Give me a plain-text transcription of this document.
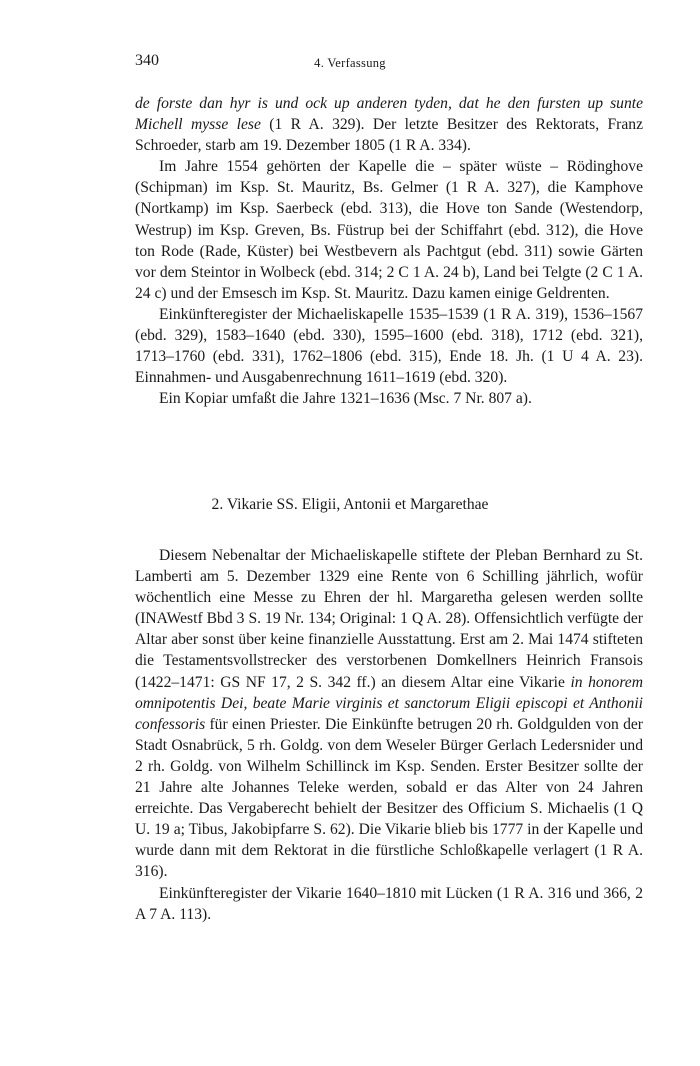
340	4. Verfassung

de forste dan hyr is und ock up anderen tyden, dat he den fursten up sunte Michell mysse lese (1 R A. 329). Der letzte Besitzer des Rektorats, Franz Schroeder, starb am 19. Dezember 1805 (1 R A. 334).

Im Jahre 1554 gehörten der Kapelle die – später wüste – Rödinghove (Schipman) im Ksp. St. Mauritz, Bs. Gelmer (1 R A. 327), die Kamphove (Nortkamp) im Ksp. Saerbeck (ebd. 313), die Hove ton Sande (Westendorp, Westrup) im Ksp. Greven, Bs. Füstrup bei der Schiffahrt (ebd. 312), die Hove ton Rode (Rade, Küster) bei Westbevern als Pachtgut (ebd. 311) sowie Gärten vor dem Steintor in Wolbeck (ebd. 314; 2 C 1 A. 24 b), Land bei Telgte (2 C 1 A. 24 c) und der Emsesch im Ksp. St. Mauritz. Dazu kamen einige Geldrenten.

Einkünfteregister der Michaeliskapelle 1535–1539 (1 R A. 319), 1536–1567 (ebd. 329), 1583–1640 (ebd. 330), 1595–1600 (ebd. 318), 1712 (ebd. 321), 1713–1760 (ebd. 331), 1762–1806 (ebd. 315), Ende 18. Jh. (1 U 4 A. 23). Einnahmen- und Ausgabenrechnung 1611–1619 (ebd. 320).

Ein Kopiar umfaßt die Jahre 1321–1636 (Msc. 7 Nr. 807 a).

2. Vikarie SS. Eligii, Antonii et Margarethae

Diesem Nebenaltar der Michaeliskapelle stiftete der Pleban Bernhard zu St. Lamberti am 5. Dezember 1329 eine Rente von 6 Schilling jährlich, wofür wöchentlich eine Messe zu Ehren der hl. Margaretha gelesen werden sollte (INAWestf Bbd 3 S. 19 Nr. 134; Original: 1 Q A. 28). Offensichtlich verfügte der Altar aber sonst über keine finanzielle Ausstattung. Erst am 2. Mai 1474 stifteten die Testamentsvollstrecker des verstorbenen Domkellners Heinrich Fransois (1422–1471: GS NF 17, 2 S. 342 ff.) an diesem Altar eine Vikarie in honorem omnipotentis Dei, beate Marie virginis et sanctorum Eligii episcopi et Anthonii confessoris für einen Priester. Die Einkünfte betrugen 20 rh. Goldgulden von der Stadt Osnabrück, 5 rh. Goldg. von dem Weseler Bürger Gerlach Ledersnider und 2 rh. Goldg. von Wilhelm Schillinck im Ksp. Senden. Erster Besitzer sollte der 21 Jahre alte Johannes Teleke werden, sobald er das Alter von 24 Jahren erreichte. Das Vergaberecht behielt der Besitzer des Officium S. Michaelis (1 Q U. 19 a; Tibus, Jakobipfarre S. 62). Die Vikarie blieb bis 1777 in der Kapelle und wurde dann mit dem Rektorat in die fürstliche Schloßkapelle verlagert (1 R A. 316).

Einkünfteregister der Vikarie 1640–1810 mit Lücken (1 R A. 316 und 366, 2 A 7 A. 113).
